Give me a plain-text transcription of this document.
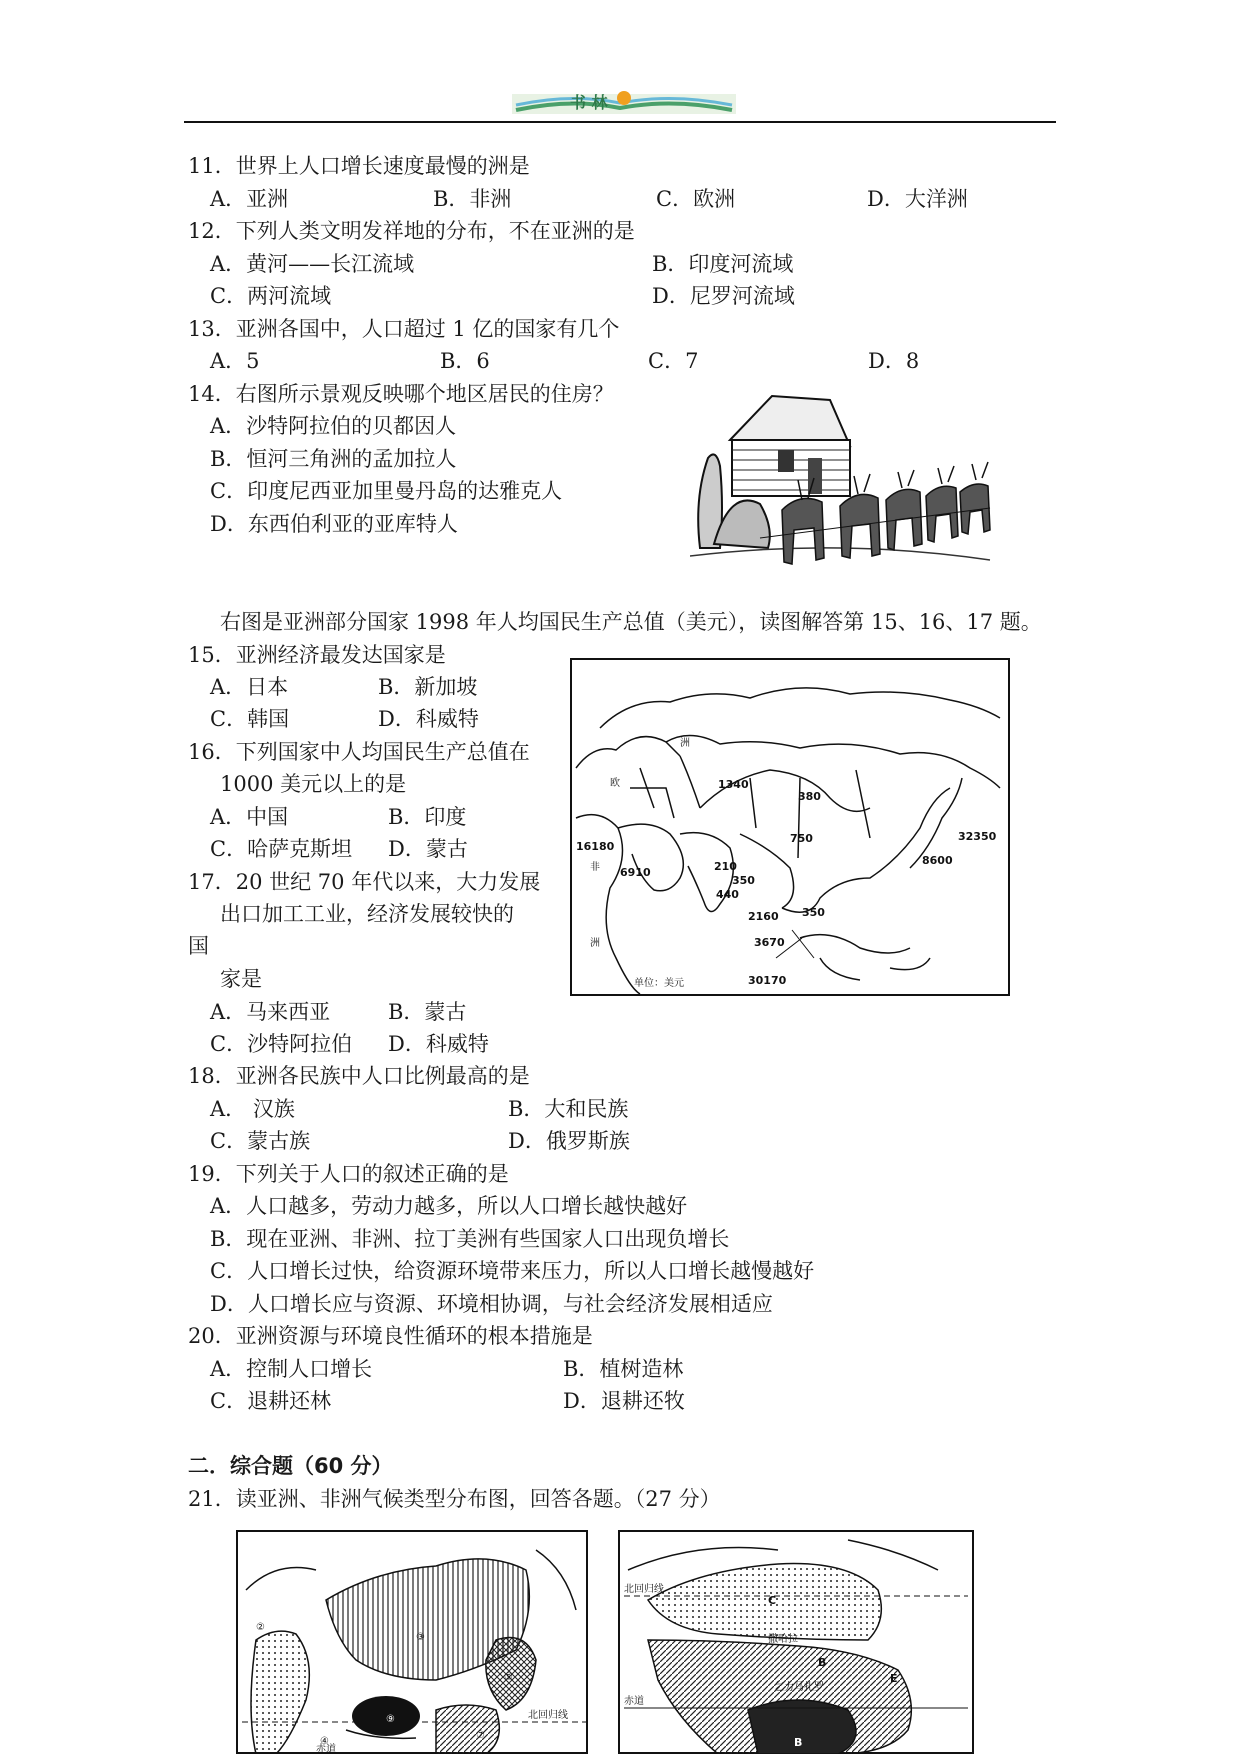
书 林
11．世界上人口增长速度最慢的洲是
A．亚洲	B．非洲	C．欧洲	D．大洋洲
12．下列人类文明发祥地的分布，不在亚洲的是
A．黄河——长江流域	B．印度河流域
C．两河流域	D．尼罗河流域
13．亚洲各国中，人口超过 1 亿的国家有几个
A．5	B．6	C．7	D．8
14．右图所示景观反映哪个地区居民的住房？
A．沙特阿拉伯的贝都因人
B．恒河三角洲的孟加拉人
C．印度尼西亚加里曼丹岛的达雅克人
D．东西伯利亚的亚库特人
右图是亚洲部分国家 1998 年人均国民生产总值（美元），读图解答第 15、16、17 题。
15．亚洲经济最发达国家是
A．日本	B．新加坡
C．韩国	D．科威特
16．下列国家中人均国民生产总值在
1000 美元以上的是
A．中国	B．印度
C．哈萨克斯坦 D．蒙古
17．20 世纪 70 年代以来，大力发展
出口加工工业，经济发展较快的
国
家是
A．马来西亚	B．蒙古
C．沙特阿拉伯 D．科威特
洲
欧
非
洲
1340
380
750	32350
16180
8600
6910	210
350
440
2160 350
3670
30170
单位：美元
18．亚洲各民族中人口比例最高的是
A． 汉族	B．大和民族
C．蒙古族	D．俄罗斯族
19．下列关于人口的叙述正确的是
A．人口越多，劳动力越多，所以人口增长越快越好
B．现在亚洲、非洲、拉丁美洲有些国家人口出现负增长
C．人口增长过快，给资源环境带来压力，所以人口增长越慢越好
D．人口增长应与资源、环境相协调，与社会经济发展相适应
20．亚洲资源与环境良性循环的根本措施是
A．控制人口增长	B．植树造林
C．退耕还林	D．退耕还牧
二．综合题（60 分）
21．读亚洲、非洲气候类型分布图，回答各题。（27 分）
②
③
⑤
⑨
④
⑦
北回归线
赤道
北回归线
C
撒哈拉
B
E
乞力马扎罗
赤道
B
